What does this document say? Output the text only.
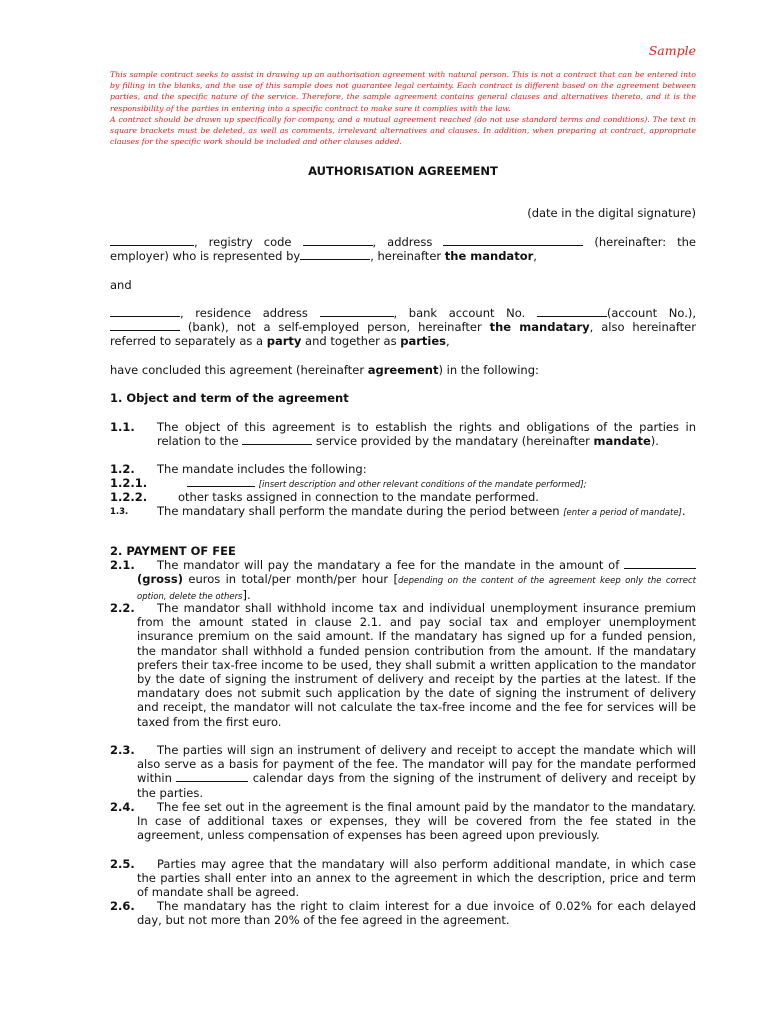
Sample

This sample contract seeks to assist in drawing up an authorisation agreement with natural person. This is not a contract that can be entered into by filling in the blanks, and the use of this sample does not guarantee legal certainty. Each contract is different based on the agreement between parties, and the specific nature of the service. Therefore, the sample agreement contains general clauses and alternatives thereto, and it is the responsibility of the parties in entering into a specific contract to make sure it complies with the law.

A contract should be drawn up specifically for company, and a mutual agreement reached (do not use standard terms and conditions). The text in square brackets must be deleted, as well as comments, irrelevant alternatives and clauses. In addition, when preparing at contract, appropriate clauses for the specific work should be included and other clauses added.

AUTHORISATION AGREEMENT
(date in the digital signature)
, registry code	, address	(hereinafter: the employer) who is represented by	, hereinafter the mandator,
and
, residence address	, bank account No.	(account No.),  (bank), not a self-employed person, hereinafter the mandatary, also hereinafter referred to separately as a party and together as parties,
have concluded this agreement (hereinafter agreement) in the following:
1. Object and term of the agreement
1.1. The object of this agreement is to establish the rights and obligations of the parties in relation to the	service provided by the mandatary (hereinafter mandate).
1.2. The mandate includes the following:
1.2.1.	[insert description and other relevant conditions of the mandate performed];
1.2.2.	other tasks assigned in connection to the mandate performed.
1.3. The mandatary shall perform the mandate during the period between [enter a period of mandate].
2. PAYMENT OF FEE
2.1.	The mandator will pay the mandatary a fee for the mandate in the amount of  (gross) euros in total/per month/per hour [depending on the content of the agreement keep only the correct option, delete the others].
2.2.	The mandator shall withhold income tax and individual unemployment insurance premium from the amount stated in clause 2.1. and pay social tax and employer unemployment insurance premium on the said amount. If the mandatary has signed up for a funded pension, the mandator shall withhold a funded pension contribution from the amount. If the mandatary prefers their tax-free income to be used, they shall submit a written application to the mandator by the date of signing the instrument of delivery and receipt by the parties at the latest. If the mandatary does not submit such application by the date of signing the instrument of delivery and receipt, the mandator will not calculate the tax-free income and the fee for services will be taxed from the first euro.
2.3.	The parties will sign an instrument of delivery and receipt to accept the mandate which will also serve as a basis for payment of the fee. The mandator will pay for the mandate performed within	calendar days from the signing of the instrument of delivery and receipt by the parties.
2.4.	The fee set out in the agreement is the final amount paid by the mandator to the mandatary. In case of additional taxes or expenses, they will be covered from the fee stated in the agreement, unless compensation of expenses has been agreed upon previously.
2.5.	Parties may agree that the mandatary will also perform additional mandate, in which case the parties shall enter into an annex to the agreement in which the description, price and term of mandate shall be agreed.
2.6.	The mandatary has the right to claim interest for a due invoice of 0.02% for each delayed day, but not more than 20% of the fee agreed in the agreement.
